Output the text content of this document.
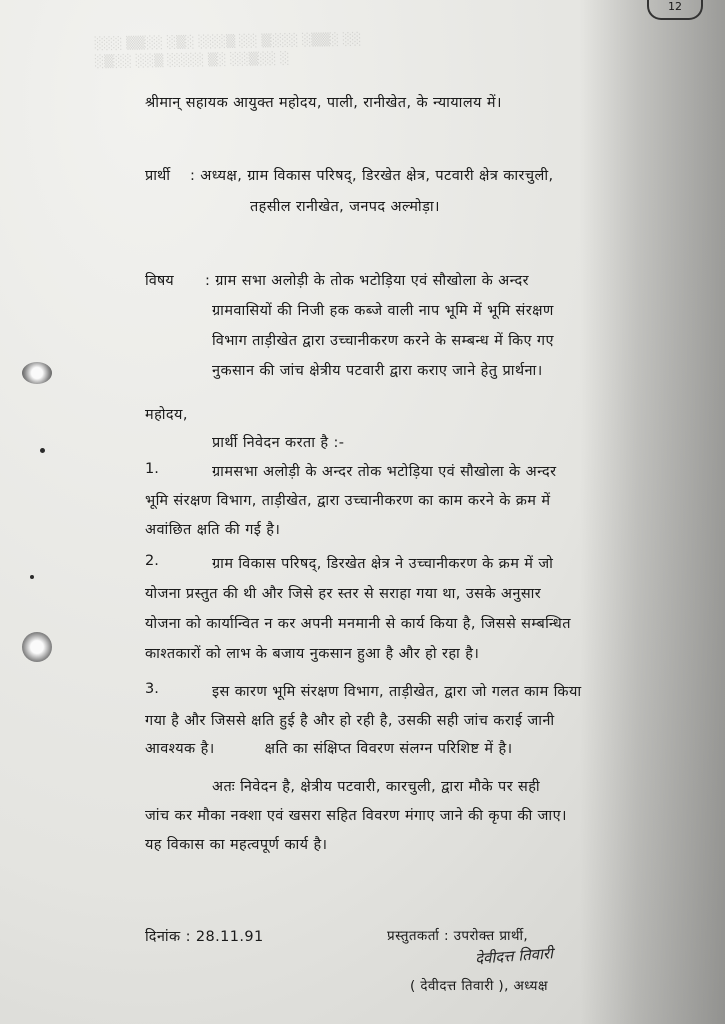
░░░ ▒▒░░ ░▒░ ░░░▒ ░░ ▒░░░ ░▒▒░ ░░
░▒░░ ░░▒ ░░░░ ▒░ ░░▒░░ ░
12
श्रीमान् सहायक आयुक्त महोदय, पाली, रानीखेत, के न्यायालय में।
प्रार्थी : अध्यक्ष, ग्राम विकास परिषद्, डिरखेत क्षेत्र, पटवारी क्षेत्र कारचुली,
तहसील रानीखेत, जनपद अल्मोड़ा।
विषय : ग्राम सभा अलोड़ी के तोक भटोड़िया एवं सौखोला के अन्दर
ग्रामवासियों की निजी हक कब्जे वाली नाप भूमि में भूमि संरक्षण
विभाग ताड़ीखेत द्वारा उच्चानीकरण करने के सम्बन्ध में किए गए
नुकसान की जांच क्षेत्रीय पटवारी द्वारा कराए जाने हेतु प्रार्थना।
महोदय,
प्रार्थी निवेदन करता है :-
1.	ग्रामसभा अलोड़ी के अन्दर तोक भटोड़िया एवं सौखोला के अन्दर
भूमि संरक्षण विभाग, ताड़ीखेत, द्वारा उच्चानीकरण का काम करने के क्रम में
अवांछित क्षति की गई है।
2.	ग्राम विकास परिषद्, डिरखेत क्षेत्र ने उच्चानीकरण के क्रम में जो
योजना प्रस्तुत की थी और जिसे हर स्तर से सराहा गया था, उसके अनुसार
योजना को कार्यान्वित न कर अपनी मनमानी से कार्य किया है, जिससे सम्बन्धित
काश्तकारों को लाभ के बजाय नुकसान हुआ है और हो रहा है।
3.	इस कारण भूमि संरक्षण विभाग, ताड़ीखेत, द्वारा जो गलत काम किया
गया है और जिससे क्षति हुई है और हो रही है, उसकी सही जांच कराई जानी
आवश्यक है।          क्षति का संक्षिप्त विवरण संलग्न परिशिष्ट में है।
अतः निवेदन है, क्षेत्रीय पटवारी, कारचुली, द्वारा मौके पर सही
जांच कर मौका नक्शा एवं खसरा सहित विवरण मंगाए जाने की कृपा की जाए।
यह विकास का महत्वपूर्ण कार्य है।
दिनांक : 28.11.91	प्रस्तुतकर्ता : उपरोक्त प्रार्थी,
देवीदत्त तिवारी
( देवीदत्त तिवारी ), अध्यक्ष
